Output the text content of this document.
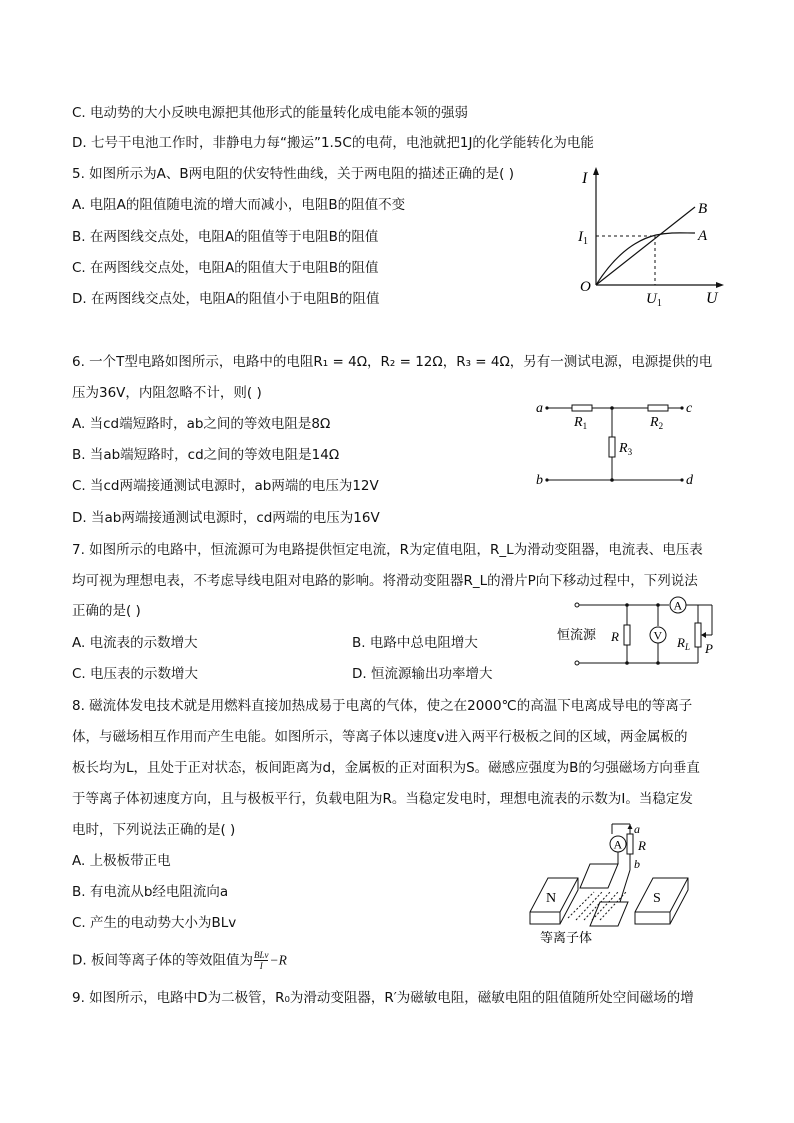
C. 电动势的大小反映电源把其他形式的能量转化成电能本领的强弱
D. 七号干电池工作时，非静电力每“搬运”1.5C的电荷，电池就把1J的化学能转化为电能
5. 如图所示为A、B两电阻的伏安特性曲线，关于两电阻的描述正确的是( )
A. 电阻A的阻值随电流的增大而减小，电阻B的阻值不变
B. 在两图线交点处，电阻A的阻值等于电阻B的阻值
C. 在两图线交点处，电阻A的阻值大于电阻B的阻值
D. 在两图线交点处，电阻A的阻值小于电阻B的阻值
6. 一个T型电路如图所示，电路中的电阻R₁ = 4Ω，R₂ = 12Ω，R₃ = 4Ω，另有一测试电源，电源提供的电
压为36V，内阻忽略不计，则( )
A. 当cd端短路时，ab之间的等效电阻是8Ω
B. 当ab端短路时，cd之间的等效电阻是14Ω
C. 当cd两端接通测试电源时，ab两端的电压为12V
D. 当ab两端接通测试电源时，cd两端的电压为16V
7. 如图所示的电路中，恒流源可为电路提供恒定电流，R为定值电阻，R_L为滑动变阻器，电流表、电压表
均可视为理想电表，不考虑导线电阻对电路的影响。将滑动变阻器R_L的滑片P向下移动过程中，下列说法
正确的是( )
A. 电流表的示数增大	B. 电路中总电阻增大
C. 电压表的示数增大	D. 恒流源输出功率增大
8. 磁流体发电技术就是用燃料直接加热成易于电离的气体，使之在2000℃的高温下电离成导电的等离子
体，与磁场相互作用而产生电能。如图所示，等离子体以速度v进入两平行极板之间的区域，两金属板的
板长均为L，且处于正对状态，板间距离为d，金属板的正对面积为S。磁感应强度为B的匀强磁场方向垂直
于等离子体初速度方向，且与极板平行，负载电阻为R。当稳定发电时，理想电流表的示数为I。当稳定发
电时，下列说法正确的是( )
A. 上极板带正电
B. 有电流从b经电阻流向a
C. 产生的电动势大小为BLv
D. 板间等离子体的等效阻值为 BLv
I −R
9. 如图所示，电路中D为二极管，R₀为滑动变阻器，R′为磁敏电阻，磁敏电阻的阻值随所处空间磁场的增
I
U
O
B
A
$I_1$
$U_1$
a	c
b	d
$R_1$	$R_2$
$R_3$
恒流源 R	V
A
$R_L$ P
a
b
R
A
N	S
等离子体
